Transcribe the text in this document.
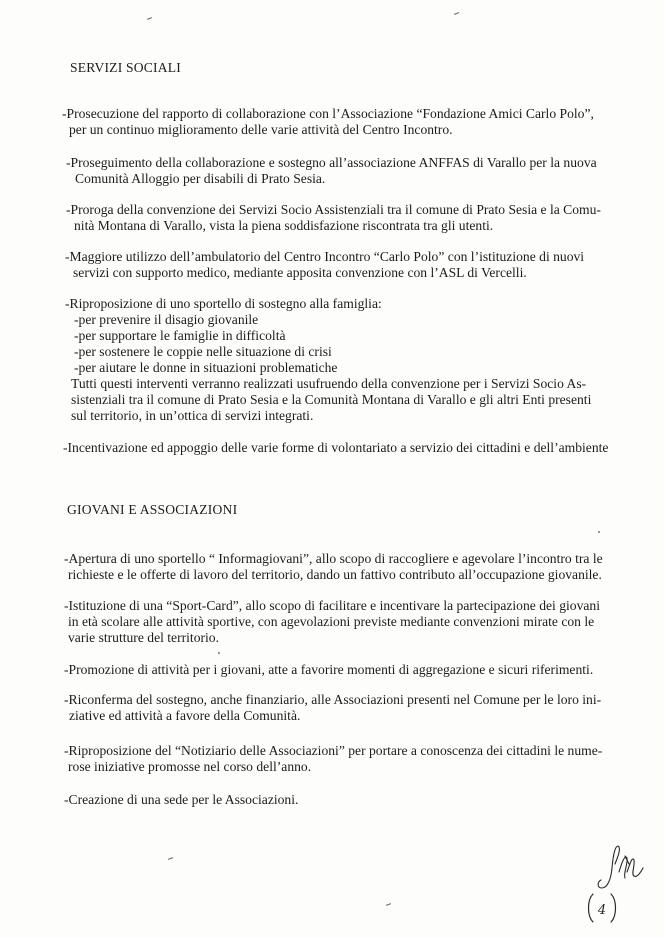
SERVIZI SOCIALI
-Prosecuzione del rapporto di collaborazione con l’Associazione “Fondazione Amici Carlo Polo”,
per un continuo miglioramento delle varie attività del Centro Incontro.
-Proseguimento della collaborazione e sostegno all’associazione ANFFAS di Varallo per la nuova
Comunità Alloggio per disabili di Prato Sesia.
-Proroga della convenzione dei Servizi Socio Assistenziali tra il comune di Prato Sesia e la Comu-
nità Montana di Varallo, vista la piena soddisfazione riscontrata tra gli utenti.
-Maggiore utilizzo dell’ambulatorio del Centro Incontro “Carlo Polo” con l’istituzione di nuovi
servizi con supporto medico, mediante apposita convenzione con l’ASL di Vercelli.
-Riproposizione di uno sportello di sostegno alla famiglia:
-per prevenire il disagio giovanile
-per supportare le famiglie in difficoltà
-per sostenere le coppie nelle situazione di crisi
-per aiutare le donne in situazioni problematiche
Tutti questi interventi verranno realizzati usufruendo della convenzione per i Servizi Socio As-
sistenziali tra il comune di Prato Sesia e la Comunità Montana di Varallo e gli altri Enti presenti
sul territorio, in un’ottica di servizi integrati.
-Incentivazione ed appoggio delle varie forme di volontariato a servizio dei cittadini e dell’ambiente
GIOVANI E ASSOCIAZIONI
-Apertura di uno sportello “ Informagiovani”, allo scopo di raccogliere e agevolare l’incontro tra le
richieste e le offerte di lavoro del territorio, dando un fattivo contributo all’occupazione giovanile.
-Istituzione di una “Sport-Card”, allo scopo di facilitare e incentivare la partecipazione dei giovani
in età scolare alle attività sportive, con agevolazioni previste mediante convenzioni mirate con le
varie strutture del territorio.
-Promozione di attività per i giovani, atte a favorire momenti di aggregazione e sicuri riferimenti.
-Riconferma del sostegno, anche finanziario, alle Associazioni presenti nel Comune per le loro ini-
ziative ed attività a favore della Comunità.
-Riproposizione del “Notiziario delle Associazioni” per portare a conoscenza dei cittadini le nume-
rose iniziative promosse nel corso dell’anno.
-Creazione di una sede per le Associazioni.
4
